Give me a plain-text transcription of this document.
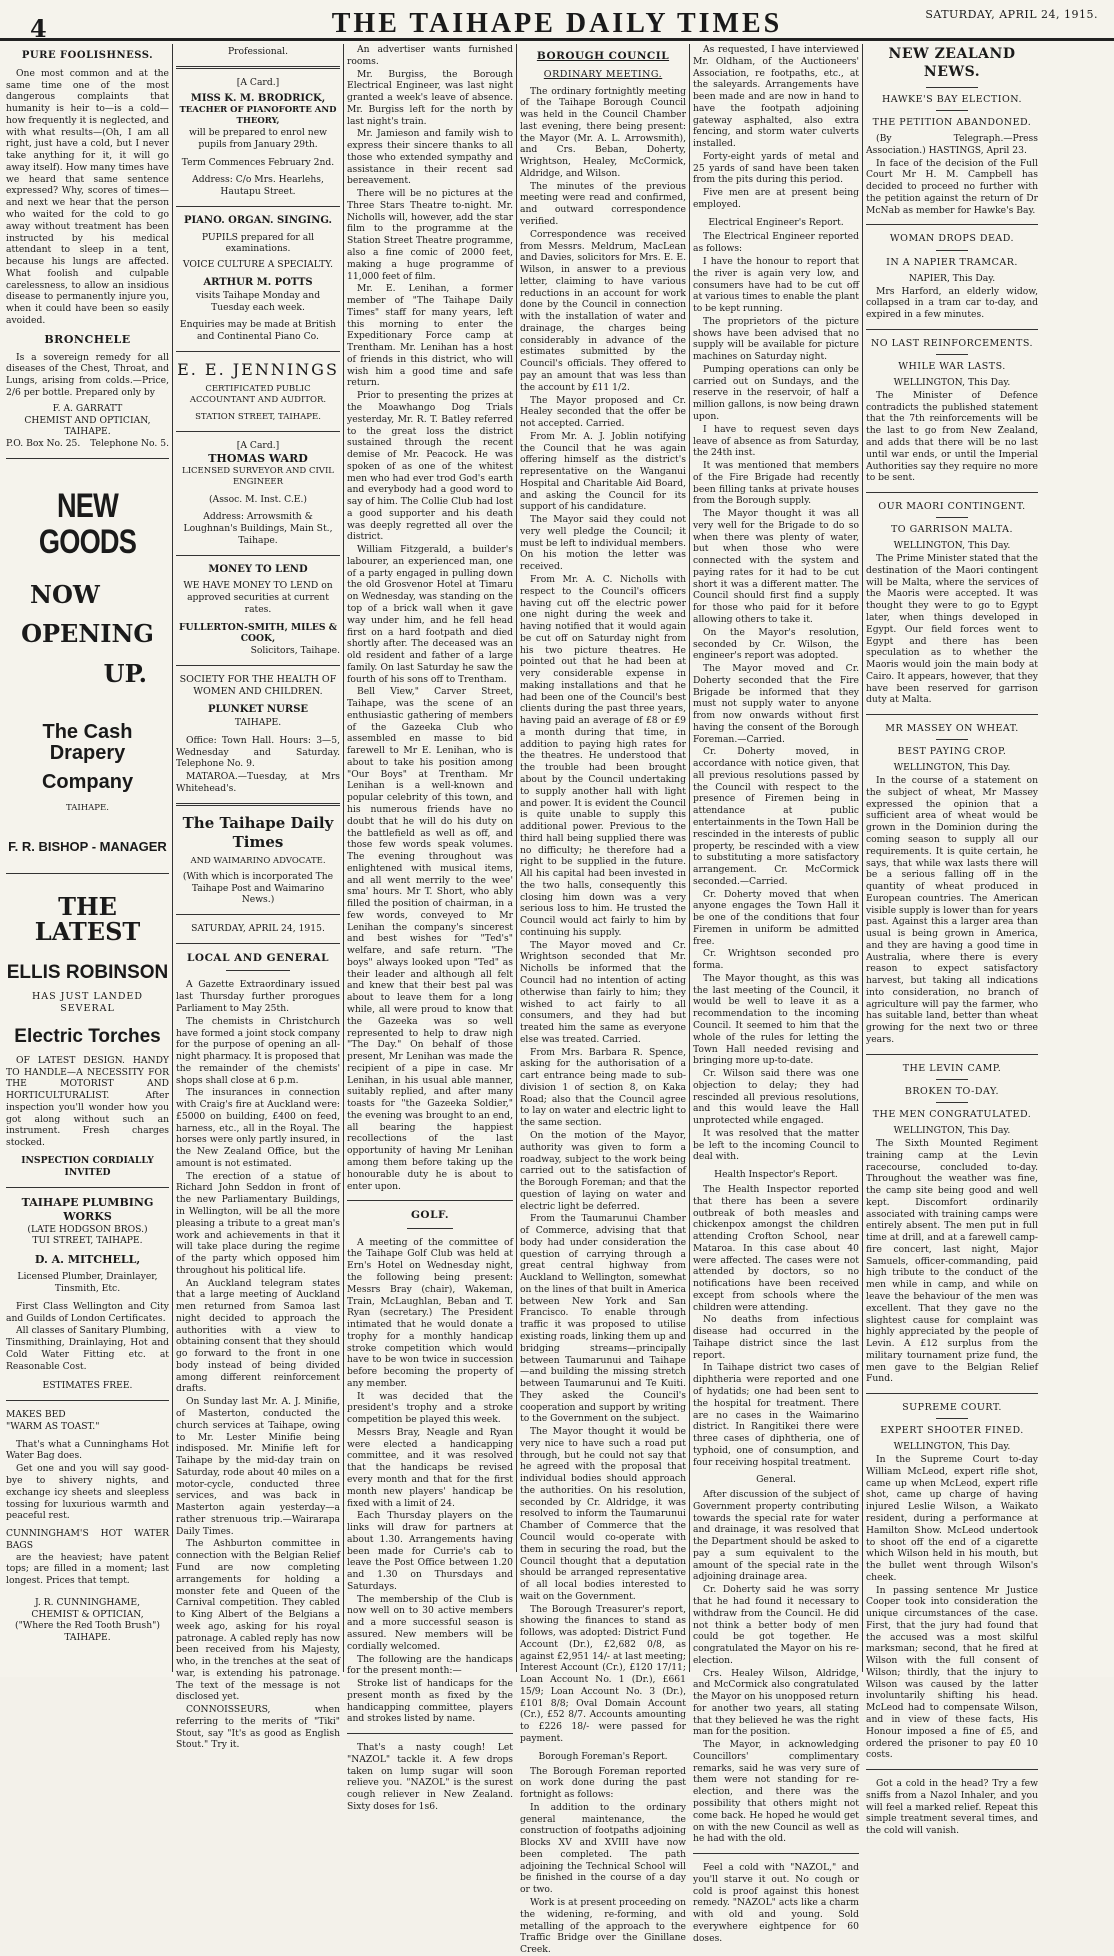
4	THE TAIHAPE DAILY TIMES	SATURDAY, APRIL 24, 1915.
PURE FOOLISHNESS.

One most common and at the same time one of the most dangerous complaints that humanity is heir to—is a cold—how frequently it is neglected, and with what results—(Oh, I am all right, just have a cold, but I never take anything for it, it will go away itself). How many times have we heard that same sentence expressed? Why, scores of times—and next we hear that the person who waited for the cold to go away without treatment has been instructed by his medical attendant to sleep in a tent, because his lungs are affected. What foolish and culpable carelessness, to allow an insidious disease to permanently injure you, when it could have been so easily avoided.

BRONCHELE

Is a sovereign remedy for all diseases of the Chest, Throat, and Lungs, arising from colds.—Price, 2/6 per bottle. Prepared only by

F. A. GARRATT
CHEMIST AND OPTICIAN,
TAIHAPE.
P.O. Box No. 25. Telephone No. 5.
NEW GOODS
NOW
OPENING
UP.
The Cash Drapery
Company
TAIHAPE.
F. R. BISHOP - MANAGER
THE LATEST
ELLIS ROBINSON
HAS JUST LANDED SEVERAL
Electric Torches

OF LATEST DESIGN. HANDY TO HANDLE—A NECESSITY FOR THE MOTORIST AND HORTICULTURALIST. After inspection you'll wonder how you got along without such an instrument. Fresh charges stocked.

INSPECTION CORDIALLY INVITED
TAIHAPE PLUMBING WORKS
(LATE HODGSON BROS.)
TUI STREET, TAIHAPE.
D. A. MITCHELL,
Licensed Plumber, Drainlayer, Tinsmith, Etc.

First Class Wellington and City and Guilds of London Certificates.

All classes of Sanitary Plumbing, Tinsmithing, Drainlaying, Hot and Cold Water Fitting etc. at Reasonable Cost.

ESTIMATES FREE.
MAKES BED
"WARM AS TOAST."

That's what a Cunninghams Hot Water Bag does.

Get one and you will say good-bye to shivery nights, and exchange icy sheets and sleepless tossing for luxurious warmth and peaceful rest.

CUNNINGHAM'S HOT WATER BAGS

are the heaviest; have patent tops; are filled in a moment; last longest. Prices that tempt.

J. R. CUNNINGHAME,
CHEMIST & OPTICIAN,
("Where the Red Tooth Brush")
TAIHAPE.
Professional.
[A Card.]
MISS K. M. BRODRICK,
TEACHER OF PIANOFORTE AND THEORY,

will be prepared to enrol new pupils from January 29th.

Term Commences February 2nd.
Address: C/o Mrs. Hearlehs, Hautapu Street.
PIANO. ORGAN. SINGING.
PUPILS prepared for all examinations.
VOICE CULTURE A SPECIALTY.
ARTHUR M. POTTS

visits Taihape Monday and Tuesday each week.

Enquiries may be made at British and Continental Piano Co.

E. E. JENNINGS
CERTIFICATED PUBLIC ACCOUNTANT AND AUDITOR.
STATION STREET, TAIHAPE.
[A Card.]
THOMAS WARD
LICENSED SURVEYOR AND CIVIL ENGINEER
(Assoc. M. Inst. C.E.)

Address: Arrowsmith & Loughnan's Buildings, Main St., Taihape.

MONEY TO LEND

WE HAVE MONEY TO LEND on approved securities at current rates.

FULLERTON-SMITH, MILES & COOK,
Solicitors, Taihape.
SOCIETY FOR THE HEALTH OF WOMEN AND CHILDREN.
PLUNKET NURSE
TAIHAPE.

Office: Town Hall. Hours: 3—5, Wednesday and Saturday. Telephone No. 9.

MATAROA.—Tuesday, at Mrs Whitehead's.

The Taihape Daily Times
AND WAIMARINO ADVOCATE.

(With which is incorporated The Taihape Post and Waimarino News.)

SATURDAY, APRIL 24, 1915.
LOCAL AND GENERAL

A Gazette Extraordinary issued last Thursday further prorogues Parliament to May 25th.

The chemists in Christchurch have formed a joint stock company for the purpose of opening an all-night pharmacy. It is proposed that the remainder of the chemists' shops shall close at 6 p.m.

The insurances in connection with Craig's fire at Auckland were: £5000 on building, £400 on feed, harness, etc., all in the Royal. The horses were only partly insured, in the New Zealand Office, but the amount is not estimated.

The erection of a statue of Richard John Seddon in front of the new Parliamentary Buildings, in Wellington, will be all the more pleasing a tribute to a great man's work and achievements in that it will take place during the regime of the party which opposed him throughout his political life.

An Auckland telegram states that a large meeting of Auckland men returned from Samoa last night decided to approach the authorities with a view to obtaining consent that they should go forward to the front in one body instead of being divided among different reinforcement drafts.

On Sunday last Mr. A. J. Minifie, of Masterton, conducted the church services at Taihape, owing to Mr. Lester Minifie being indisposed. Mr. Minifie left for Taihape by the mid-day train on Saturday, rode about 40 miles on a motor-cycle, conducted three services, and was back in Masterton again yesterday—a rather strenuous trip.—Wairarapa Daily Times.

The Ashburton committee in connection with the Belgian Relief Fund are now completing arrangements for holding a monster fete and Queen of the Carnival competition. They cabled to King Albert of the Belgians a week ago, asking for his royal patronage. A cabled reply has now been received from his Majesty, who, in the trenches at the seat of war, is extending his patronage. The text of the message is not disclosed yet.

CONNOISSEURS, when referring to the merits of "Tiki" Stout, say "It's as good as English Stout." Try it.

An advertiser wants furnished rooms.

Mr. Burgiss, the Borough Electrical Engineer, was last night granted a week's leave of absence. Mr. Burgiss left for the north by last night's train.

Mr. Jamieson and family wish to express their sincere thanks to all those who extended sympathy and assistance in their recent sad bereavement.

There will be no pictures at the Three Stars Theatre to-night. Mr. Nicholls will, however, add the star film to the programme at the Station Street Theatre programme, also a fine comic of 2000 feet, making a huge programme of 11,000 feet of film.

Mr. E. Lenihan, a former member of "The Taihape Daily Times" staff for many years, left this morning to enter the Expeditionary Force camp at Trentham. Mr. Lenihan has a host of friends in this district, who will wish him a good time and safe return.

Prior to presenting the prizes at the Moawhango Dog Trials yesterday, Mr. R. T. Batley referred to the great loss the district sustained through the recent demise of Mr. Peacock. He was spoken of as one of the whitest men who had ever trod God's earth and everybody had a good word to say of him. The Collie Club had lost a good supporter and his death was deeply regretted all over the district.

William Fitzgerald, a builder's labourer, an experienced man, one of a party engaged in pulling down the old Grosvenor Hotel at Timaru on Wednesday, was standing on the top of a brick wall when it gave way under him, and he fell head first on a hard footpath and died shortly after. The deceased was an old resident and father of a large family. On last Saturday he saw the fourth of his sons off to Trentham.

Bell View," Carver Street, Taihape, was the scene of an enthusiastic gathering of members of the Gazeeka Club who assembled en masse to bid farewell to Mr E. Lenihan, who is about to take his position among "Our Boys" at Trentham. Mr Lenihan is a well-known and popular celebrity of this town, and his numerous friends have no doubt that he will do his duty on the battlefield as well as off, and those few words speak volumes. The evening throughout was enlightened with musical items, and all went merrily to the wee' sma' hours. Mr T. Short, who ably filled the position of chairman, in a few words, conveyed to Mr Lenihan the company's sincerest and best wishes for "Ted's" welfare, and safe return. "The boys" always looked upon "Ted" as their leader and although all felt and knew that their best pal was about to leave them for a long while, all were proud to know that the Gazeeka was so well represented to help to draw nigh "The Day." On behalf of those present, Mr Lenihan was made the recipient of a pipe in case. Mr Lenihan, in his usual able manner, suitably replied, and after many toasts for "the Gazeeka Soldier," the evening was brought to an end, all bearing the happiest recollections of the last opportunity of having Mr Lenihan among them before taking up the honourable duty he is about to enter upon.

GOLF.

A meeting of the committee of the Taihape Golf Club was held at Ern's Hotel on Wednesday night, the following being present: Messrs Bray (chair), Wakeman, Train, McLaughlan, Beban and T. Ryan (secretary.) The President intimated that he would donate a trophy for a monthly handicap stroke competition which would have to be won twice in succession before becoming the property of any member.

It was decided that the president's trophy and a stroke competition be played this week.

Messrs Bray, Neagle and Ryan were elected a handicapping committee, and it was resolved that the handicaps be revised every month and that for the first month new players' handicap be fixed with a limit of 24.

Each Thursday players on the links will draw for partners at about 1.30. Arrangements having been made for Currie's cab to leave the Post Office between 1.20 and 1.30 on Thursdays and Saturdays.

The membership of the Club is now well on to 30 active members and a more successful season is assured. New members will be cordially welcomed.

The following are the handicaps for the present month:—

Stroke list of handicaps for the present month as fixed by the handicapping committee, players and strokes listed by name.

That's a nasty cough! Let "NAZOL" tackle it. A few drops taken on lump sugar will soon relieve you. "NAZOL" is the surest cough reliever in New Zealand. Sixty doses for 1s6.

BOROUGH COUNCIL
ORDINARY MEETING.

The ordinary fortnightly meeting of the Taihape Borough Council was held in the Council Chamber last evening, there being present: the Mayor (Mr. A. L. Arrowsmith), and Crs. Beban, Doherty, Wrightson, Healey, McCormick, Aldridge, and Wilson.

The minutes of the previous meeting were read and confirmed, and outward correspondence verified.

Correspondence was received from Messrs. Meldrum, MacLean and Davies, solicitors for Mrs. E. E. Wilson, in answer to a previous letter, claiming to have various reductions in an account for work done by the Council in connection with the installation of water and drainage, the charges being considerably in advance of the estimates submitted by the Council's officials. They offered to pay an amount that was less than the account by £11 1/2.

The Mayor proposed and Cr. Healey seconded that the offer be not accepted. Carried.

From Mr. A. J. Joblin notifying the Council that he was again offering himself as the district's representative on the Wanganui Hospital and Charitable Aid Board, and asking the Council for its support of his candidature.

The Mayor said they could not very well pledge the Council; it must be left to individual members. On his motion the letter was received.

From Mr. A. C. Nicholls with respect to the Council's officers having cut off the electric power one night during the week and having notified that it would again be cut off on Saturday night from his two picture theatres. He pointed out that he had been at very considerable expense in making installations and that he had been one of the Council's best clients during the past three years, having paid an average of £8 or £9 a month during that time, in addition to paying high rates for the theatres. He understood that the trouble had been brought about by the Council undertaking to supply another hall with light and power. It is evident the Council is quite unable to supply this additional power. Previous to the third hall being supplied there was no difficulty; he therefore had a right to be supplied in the future. All his capital had been invested in the two halls, consequently this closing him down was a very serious loss to him. He trusted the Council would act fairly to him by continuing his supply.

The Mayor moved and Cr. Wrightson seconded that Mr. Nicholls be informed that the Council had no intention of acting otherwise than fairly to him; they wished to act fairly to all consumers, and they had but treated him the same as everyone else was treated. Carried.

From Mrs. Barbara R. Spence, asking for the authorisation of a cart entrance being made to sub-division 1 of section 8, on Kaka Road; also that the Council agree to lay on water and electric light to the same section.

On the motion of the Mayor, authority was given to form a roadway, subject to the work being carried out to the satisfaction of the Borough Foreman; and that the question of laying on water and electric light be deferred.

From the Taumarunui Chamber of Commerce, advising that that body had under consideration the question of carrying through a great central highway from Auckland to Wellington, somewhat on the lines of that built in America between New York and San Francisco. To enable through traffic it was proposed to utilise existing roads, linking them up and bridging streams—principally between Taumarunui and Taihape—and building the missing stretch between Taumarunui and Te Kuiti. They asked the Council's cooperation and support by writing to the Government on the subject.

The Mayor thought it would be very nice to have such a road put through, but he could not say that he agreed with the proposal that individual bodies should approach the authorities. On his resolution, seconded by Cr. Aldridge, it was resolved to inform the Taumarunui Chamber of Commerce that the Council would co-operate with them in securing the road, but the Council thought that a deputation should be arranged representative of all local bodies interested to wait on the Government.

The Borough Treasurer's report, showing the finances to stand as follows, was adopted: District Fund Account (Dr.), £2,682 0/8, as against £2,951 14/- at last meeting; Interest Account (Cr.), £120 17/11; Loan Account No. 1 (Dr.), £661 15/9; Loan Account No. 3 (Dr.), £101 8/8; Oval Domain Account (Cr.), £52 8/7. Accounts amounting to £226 18/- were passed for payment.

Borough Foreman's Report.

The Borough Foreman reported on work done during the past fortnight as follows:

In addition to the ordinary general maintenance, the construction of footpaths adjoining Blocks XV and XVIII have now been completed. The path adjoining the Technical School will be finished in the course of a day or two.

Work is at present proceeding on the widening, re-forming, and metalling of the approach to the Traffic Bridge over the Ginillane Creek.

As requested, I have interviewed Mr. Oldham, of the Auctioneers' Association, re footpaths, etc., at the saleyards. Arrangements have been made and are now in hand to have the footpath adjoining gateway asphalted, also extra fencing, and storm water culverts installed.

Forty-eight yards of metal and 25 yards of sand have been taken from the pits during this period.

Five men are at present being employed.

Electrical Engineer's Report.

The Electrical Engineer reported as follows:

I have the honour to report that the river is again very low, and consumers have had to be cut off at various times to enable the plant to be kept running.

The proprietors of the picture shows have been advised that no supply will be available for picture machines on Saturday night.

Pumping operations can only be carried out on Sundays, and the reserve in the reservoir, of half a million gallons, is now being drawn upon.

I have to request seven days leave of absence as from Saturday, the 24th inst.

It was mentioned that members of the Fire Brigade had recently been filling tanks at private houses from the Borough supply.

The Mayor thought it was all very well for the Brigade to do so when there was plenty of water, but when those who were connected with the system and paying rates for it had to be cut short it was a different matter. The Council should first find a supply for those who paid for it before allowing others to take it.

On the Mayor's resolution, seconded by Cr. Wilson, the engineer's report was adopted.

The Mayor moved and Cr. Doherty seconded that the Fire Brigade be informed that they must not supply water to anyone from now onwards without first having the consent of the Borough Foreman.—Carried.

Cr. Doherty moved, in accordance with notice given, that all previous resolutions passed by the Council with respect to the presence of Firemen being in attendance at public entertainments in the Town Hall be rescinded in the interests of public property, be rescinded with a view to substituting a more satisfactory arrangement. Cr. McCormick seconded.—Carried.

Cr. Doherty moved that when anyone engages the Town Hall it be one of the conditions that four Firemen in uniform be admitted free.

Cr. Wrightson seconded pro forma.

The Mayor thought, as this was the last meeting of the Council, it would be well to leave it as a recommendation to the incoming Council. It seemed to him that the whole of the rules for letting the Town Hall needed revising and bringing more up-to-date.

Cr. Wilson said there was one objection to delay; they had rescinded all previous resolutions, and this would leave the Hall unprotected while engaged.

It was resolved that the matter be left to the incoming Council to deal with.

Health Inspector's Report.

The Health Inspector reported that there has been a severe outbreak of both measles and chickenpox amongst the children attending Crofton School, near Mataroa. In this case about 40 were affected. The cases were not attended by doctors, so no notifications have been received except from schools where the children were attending.

No deaths from infectious disease had occurred in the Taihape district since the last report.

In Taihape district two cases of diphtheria were reported and one of hydatids; one had been sent to the hospital for treatment. There are no cases in the Waimarino district. In Rangitikei there were three cases of diphtheria, one of typhoid, one of consumption, and four receiving hospital treatment.

General.

After discussion of the subject of Government property contributing towards the special rate for water and drainage, it was resolved that the Department should be asked to pay a sum equivalent to the amount of the special rate in the adjoining drainage area.

Cr. Doherty said he was sorry that he had found it necessary to withdraw from the Council. He did not think a better body of men could be got together. He congratulated the Mayor on his re-election.

Crs. Healey Wilson, Aldridge, and McCormick also congratulated the Mayor on his unopposed return for another two years, all stating that they believed he was the right man for the position.

The Mayor, in acknowledging Councillors' complimentary remarks, said he was very sure of them were not standing for re-election, and there was the possibility that others might not come back. He hoped he would get on with the new Council as well as he had with the old.

Feel a cold with "NAZOL," and you'll starve it out. No cough or cold is proof against this honest remedy. "NAZOL" acts like a charm with old and young. Sold everywhere eightpence for 60 doses.

NEW ZEALAND NEWS.
HAWKE'S BAY ELECTION.
THE PETITION ABANDONED.

(By Telegraph.—Press Association.) HASTINGS, April 23.

In face of the decision of the Full Court Mr H. M. Campbell has decided to proceed no further with the petition against the return of Dr McNab as member for Hawke's Bay.

WOMAN DROPS DEAD.
IN A NAPIER TRAMCAR.

NAPIER, This Day.

Mrs Harford, an elderly widow, collapsed in a tram car to-day, and expired in a few minutes.

NO LAST REINFORCEMENTS.
WHILE WAR LASTS.

WELLINGTON, This Day.

The Minister of Defence contradicts the published statement that the 7th reinforcements will be the last to go from New Zealand, and adds that there will be no last until war ends, or until the Imperial Authorities say they require no more to be sent.

OUR MAORI CONTINGENT.
TO GARRISON MALTA.

WELLINGTON, This Day.

The Prime Minister stated that the destination of the Maori contingent will be Malta, where the services of the Maoris were accepted. It was thought they were to go to Egypt later, when things developed in Egypt. Our field forces went to Egypt and there has been speculation as to whether the Maoris would join the main body at Cairo. It appears, however, that they have been reserved for garrison duty at Malta.

MR MASSEY ON WHEAT.
BEST PAYING CROP.

WELLINGTON, This Day.

In the course of a statement on the subject of wheat, Mr Massey expressed the opinion that a sufficient area of wheat would be grown in the Dominion during the coming season to supply all our requirements. It is quite certain, he says, that while wax lasts there will be a serious falling off in the quantity of wheat produced in European countries. The American visible supply is lower than for years past. Against this a larger area than usual is being grown in America, and they are having a good time in Australia, where there is every reason to expect satisfactory harvest, but taking all indications into consideration, no branch of agriculture will pay the farmer, who has suitable land, better than wheat growing for the next two or three years.

THE LEVIN CAMP.
BROKEN TO-DAY.
THE MEN CONGRATULATED.

WELLINGTON, This Day.

The Sixth Mounted Regiment training camp at the Levin racecourse, concluded to-day. Throughout the weather was fine, the camp site being good and well kept. Discomfort ordinarily associated with training camps were entirely absent. The men put in full time at drill, and at a farewell camp-fire concert, last night, Major Samuels, officer-commanding, paid high tribute to the conduct of the men while in camp, and while on leave the behaviour of the men was excellent. That they gave no the slightest cause for complaint was highly appreciated by the people of Levin. A £12 surplus from the military tournament prize fund, the men gave to the Belgian Relief Fund.

SUPREME COURT.
EXPERT SHOOTER FINED.

WELLINGTON, This Day.

In the Supreme Court to-day William McLeod, expert rifle shot, came up when McLeod, expert rifle shot, came up charge of having injured Leslie Wilson, a Waikato resident, during a performance at Hamilton Show. McLeod undertook to shoot off the end of a cigarette which Wilson held in his mouth, but the bullet went through Wilson's cheek.

In passing sentence Mr Justice Cooper took into consideration the unique circumstances of the case. First, that the jury had found that the accused was a most skilful marksman; second, that he fired at Wilson with the full consent of Wilson; thirdly, that the injury to Wilson was caused by the latter involuntarily shifting his head. McLeod had to compensate Wilson, and in view of these facts, His Honour imposed a fine of £5, and ordered the prisoner to pay £0 10 costs.

Got a cold in the head? Try a few sniffs from a Nazol Inhaler, and you will feel a marked relief. Repeat this simple treatment several times, and the cold will vanish.
